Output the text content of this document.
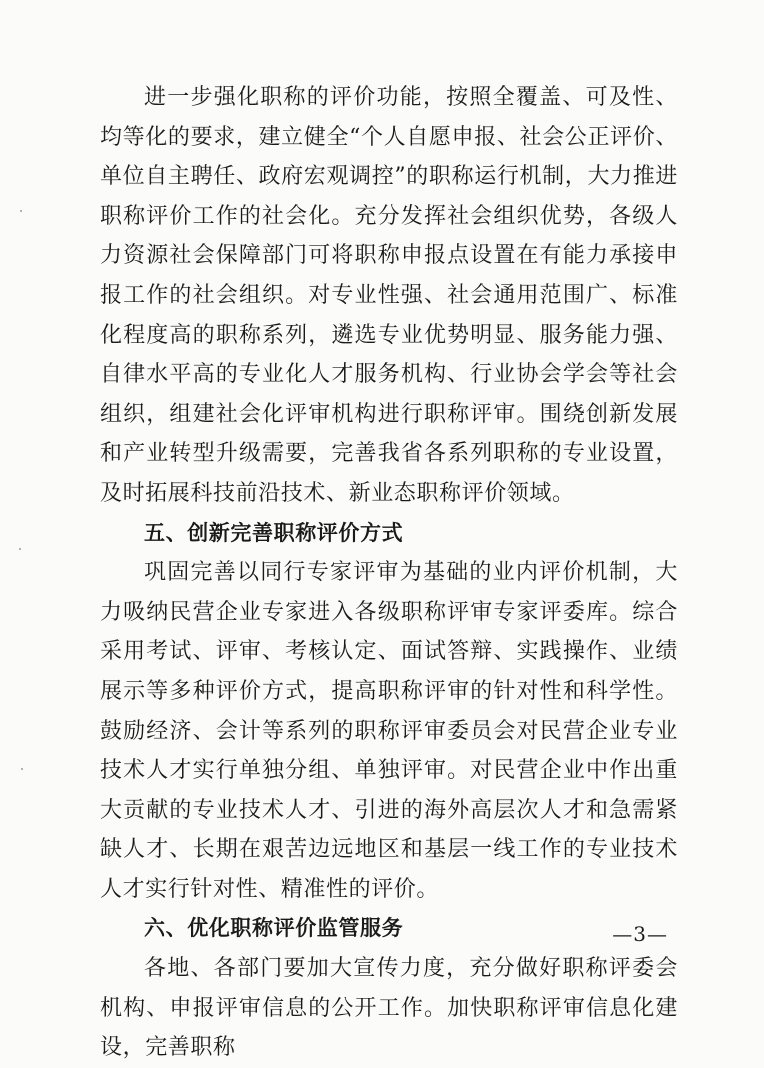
进一步强化职称的评价功能，按照全覆盖、可及性、均等化的要求，建立健全“个人自愿申报、社会公正评价、单位自主聘任、政府宏观调控”的职称运行机制，大力推进职称评价工作的社会化。充分发挥社会组织优势，各级人力资源社会保障部门可将职称申报点设置在有能力承接申报工作的社会组织。对专业性强、社会通用范围广、标准化程度高的职称系列，遴选专业优势明显、服务能力强、自律水平高的专业化人才服务机构、行业协会学会等社会组织，组建社会化评审机构进行职称评审。围绕创新发展和产业转型升级需要，完善我省各系列职称的专业设置，及时拓展科技前沿技术、新业态职称评价领域。

五、创新完善职称评价方式

巩固完善以同行专家评审为基础的业内评价机制，大力吸纳民营企业专家进入各级职称评审专家评委库。综合采用考试、评审、考核认定、面试答辩、实践操作、业绩展示等多种评价方式，提高职称评审的针对性和科学性。鼓励经济、会计等系列的职称评审委员会对民营企业专业技术人才实行单独分组、单独评审。对民营企业中作出重大贡献的专业技术人才、引进的海外高层次人才和急需紧缺人才、长期在艰苦边远地区和基层一线工作的专业技术人才实行针对性、精准性的评价。

六、优化职称评价监管服务

各地、各部门要加大宣传力度，充分做好职称评委会机构、申报评审信息的公开工作。加快职称评审信息化建设，完善职称

—3—
